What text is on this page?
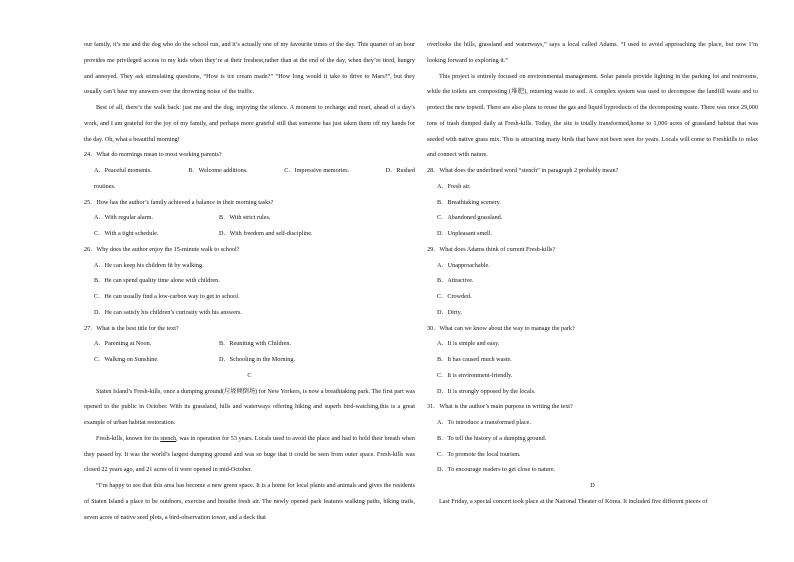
our family, it’s me and the dog who do the school run, and it’s actually one of my favourite times of the day. This quarter of an hour provides me privileged access to my kids when they’re at their freshest,rather than at the end of the day, when they’re tired, hungry and annoyed. They ask stimulating questions, “How is ice cream made?” “How long would it take to drive to Mars?”, but they usually can’t hear my answers over the drowning noise of the traffic.

Best of all, there’s the walk back: just me and the dog, enjoying the silence. A moment to recharge and reset, ahead of a day’s work, and I am grateful for the joy of my family, and perhaps more grateful still that someone has just taken them off my hands for the day. Oh, what a beautiful morning!

24．What do mornings mean to most working parents?

A．Peaceful moments.	B．Welcome additions.	C．Impressive memories.	D．Rushed

routines.

25．How has the author’s family achieved a balance in their morning tasks?

A．With regular alarm.	B．With strict rules.
C．With a tight schedule.	D．With freedom and self-discipline.

26．Why does the author enjoy the 15-minute walk to school?

A．He can keep his children fit by walking.

B．He can spend quality time alone with children.

C．He can usually find a low-carbon way to get to school.

D．He can satisfy his children’s curiosity with his answers.

27．What is the best title for the text?

A．Parenting at Noon.	B．Reuniting with Children.
C．Walking on Sunshine.	D．Schooling in the Morning.

C

Staten Island’s Fresh-kills, once a dumping ground(垃圾倾倒场) for New Yorkers, is now a breathtaking park. The first part was opened to the public in October. With its grassland, hills and waterways offering hiking and superb bird-watching,this is a great example of urban habitat restoration.

Fresh-kills, known for its stench, was in operation for 53 years. Locals used to avoid the place and had to hold their breath when they passed by. It was the world’s largest dumping ground and was so huge that it could be seen from outer space. Fresh-kills was closed 22 years ago, and 21 acres of it were opened in mid-October.

“I’m happy to see that this area has become a new green space. It is a home for local plants and animals and gives the residents of Staten Island a place to be outdoors, exercise and breathe fresh air. The newly opened park features walking paths, hiking trails, seven acres of native seed plots, a bird-observation tower, and a deck that

overlooks the hills, grassland and waterways,” says a local called Adams. “I used to avoid approaching the place, but now I’m looking forward to exploring it.”

This project is entirely focused on environmental management. Solar panels provide lighting in the parking lot and restrooms, while the toilets are composting (堆肥), returning waste to soil. A complex system was used to decompose the landfill waste and to protect the new topsoil. There are also plans to reuse the gas and liquid byproducts of the decomposing waste. There was once 29,000 tons of trash dumped daily at Fresh-kills. Today, the site is totally transformed,home to 1,000 acres of grassland habitat that was seeded with native grass mix. This is attracting many birds that have not been seen for years. Locals will come to Freshkills to relax and connect with nature.

28．What does the underlined word “stench” in paragraph 2 probably mean?

A．Fresh air.

B．Breathtaking scenery.

C．Abandoned grassland.

D．Unpleasant smell.

29．What does Adams think of current Fresh-kills?

A．Unapproachable.

B．Attractive.

C．Crowded.

D．Dirty.

30．What can we know about the way to manage the park?

A．It is simple and easy.

B．It has caused much waste.

C．It is environment-friendly.

D．It is strongly opposed by the locals.

31．What is the author’s main purpose in writing the text?

A．To introduce a transformed place.

B．To tell the history of a dumping ground.

C．To promote the local tourism.

D．To encourage readers to get close to nature.

D

Last Friday, a special concert took place at the National Theater of Korea. It included five different pieces of
